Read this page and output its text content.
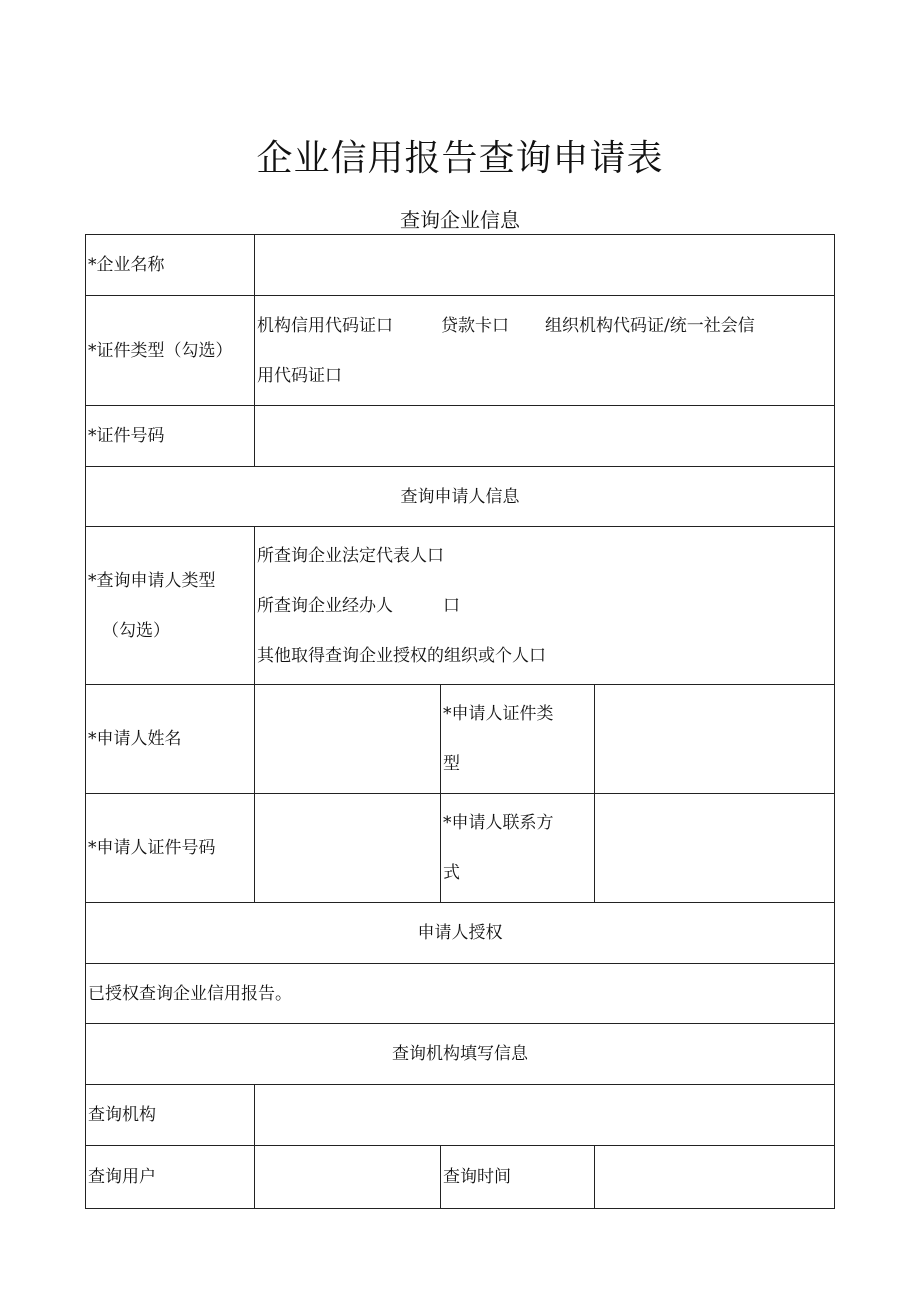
企业信用报告查询申请表
查询企业信息
*企业名称			
*证件类型（勾选）	机构信用代码证口 贷款卡口 组织机构代码证/统一社会信
用代码证口		

*证件号码			
查询申请人信息			

*查询申请人类型
（勾选）	所查询企业法定代表人口
所查询企业经办人 口
其他取得查询企业授权的组织或个人口		

*申请人姓名		*申请人证件类
型	

*申请人证件号码		*申请人联系方
式	

申请人授权			
已授权查询企业信用报告。			
查询机构填写信息			
查询机构			
查询用户		查询时间	
